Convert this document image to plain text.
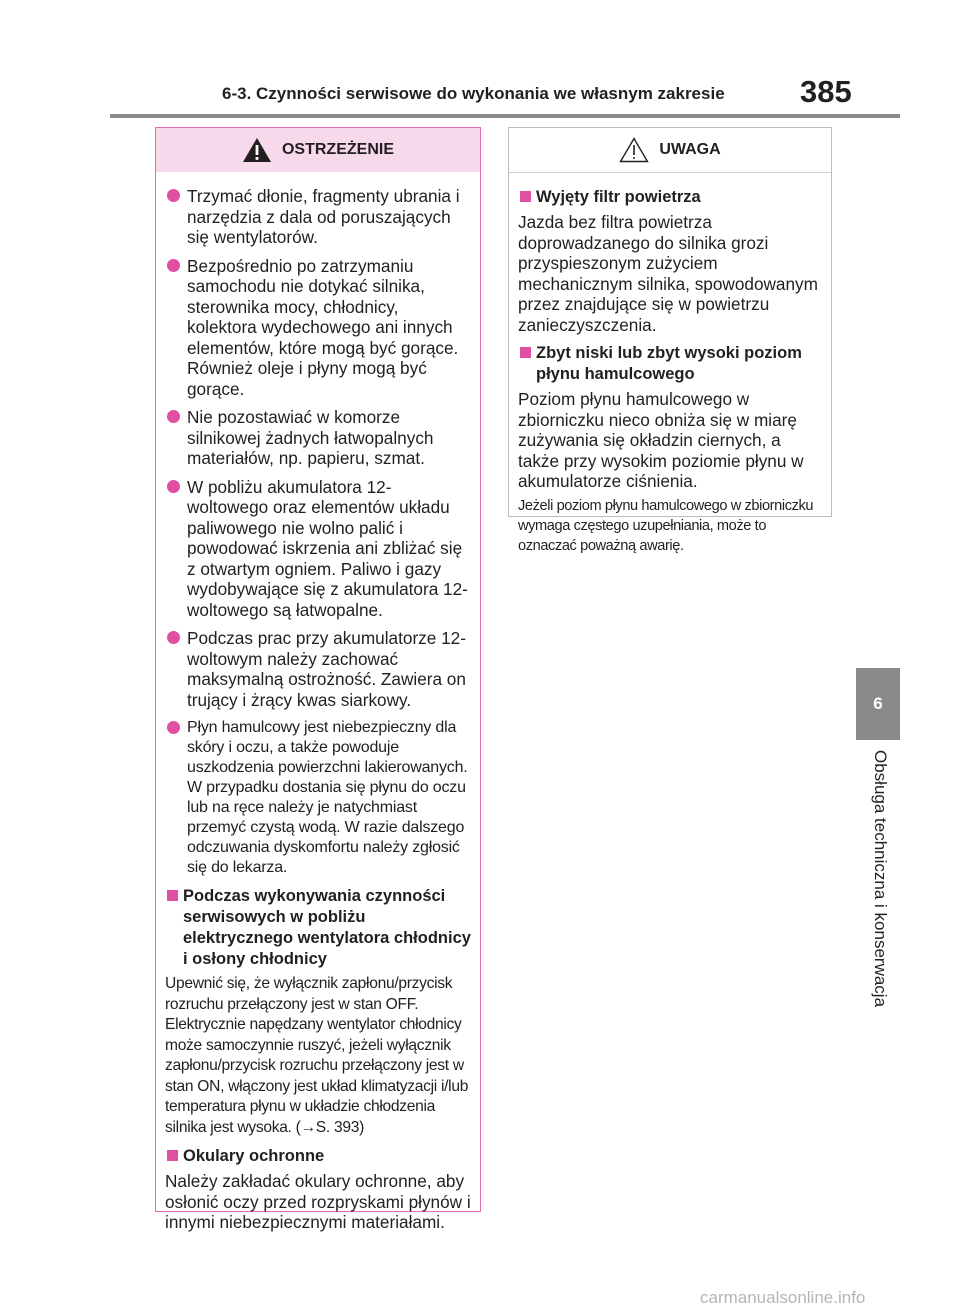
6-3. Czynności serwisowe do wykonania we własnym zakresie 385
6
Obsługa techniczna i konserwacja
OSTRZEŻENIE
Trzymać dłonie, fragmenty ubrania i narzędzia z dala od poruszających się wentylatorów.
Bezpośrednio po zatrzymaniu samochodu nie dotykać silnika, sterownika mocy, chłodnicy, kolektora wydechowego ani innych elementów, które mogą być gorące. Również oleje i płyny mogą być gorące.
Nie pozostawiać w komorze silnikowej żadnych łatwopalnych materiałów, np. papieru, szmat.
W pobliżu akumulatora 12-woltowego oraz elementów układu paliwowego nie wolno palić i powodować iskrzenia ani zbliżać się z otwartym ogniem. Paliwo i gazy wydobywające się z akumulatora 12-woltowego są łatwopalne.
Podczas prac przy akumulatorze 12-woltowym należy zachować maksymalną ostrożność. Zawiera on trujący i żrący kwas siarkowy.
Płyn hamulcowy jest niebezpieczny dla skóry i oczu, a także powoduje uszkodzenia powierzchni lakierowanych. W przypadku dostania się płynu do oczu lub na ręce należy je natychmiast przemyć czystą wodą. W razie dalszego odczuwania dyskomfortu należy zgłosić się do lekarza.
Podczas wykonywania czynności serwisowych w pobliżu elektrycznego wentylatora chłodnicy i osłony chłodnicy
Upewnić się, że wyłącznik zapłonu/przycisk rozruchu przełączony jest w stan OFF. Elektrycznie napędzany wentylator chłodnicy może samoczynnie ruszyć, jeżeli wyłącznik zapłonu/przycisk rozruchu przełączony jest w stan ON, włączony jest układ klimatyzacji i/lub temperatura płynu w układzie chłodzenia silnika jest wysoka. (→S. 393)
Okulary ochronne
Należy zakładać okulary ochronne, aby osłonić oczy przed rozpryskami płynów i innymi niebezpiecznymi materiałami.
UWAGA
Wyjęty filtr powietrza
Jazda bez filtra powietrza doprowadzanego do silnika grozi przyspieszonym zużyciem mechanicznym silnika, spowodowanym przez znajdujące się w powietrzu zanieczyszczenia.
Zbyt niski lub zbyt wysoki poziom płynu hamulcowego
Poziom płynu hamulcowego w zbiorniczku nieco obniża się w miarę zużywania się okładzin ciernych, a także przy wysokim poziomie płynu w akumulatorze ciśnienia.
Jeżeli poziom płynu hamulcowego w zbiorniczku wymaga częstego uzupełniania, może to oznaczać poważną awarię.
carmanualsonline.info
